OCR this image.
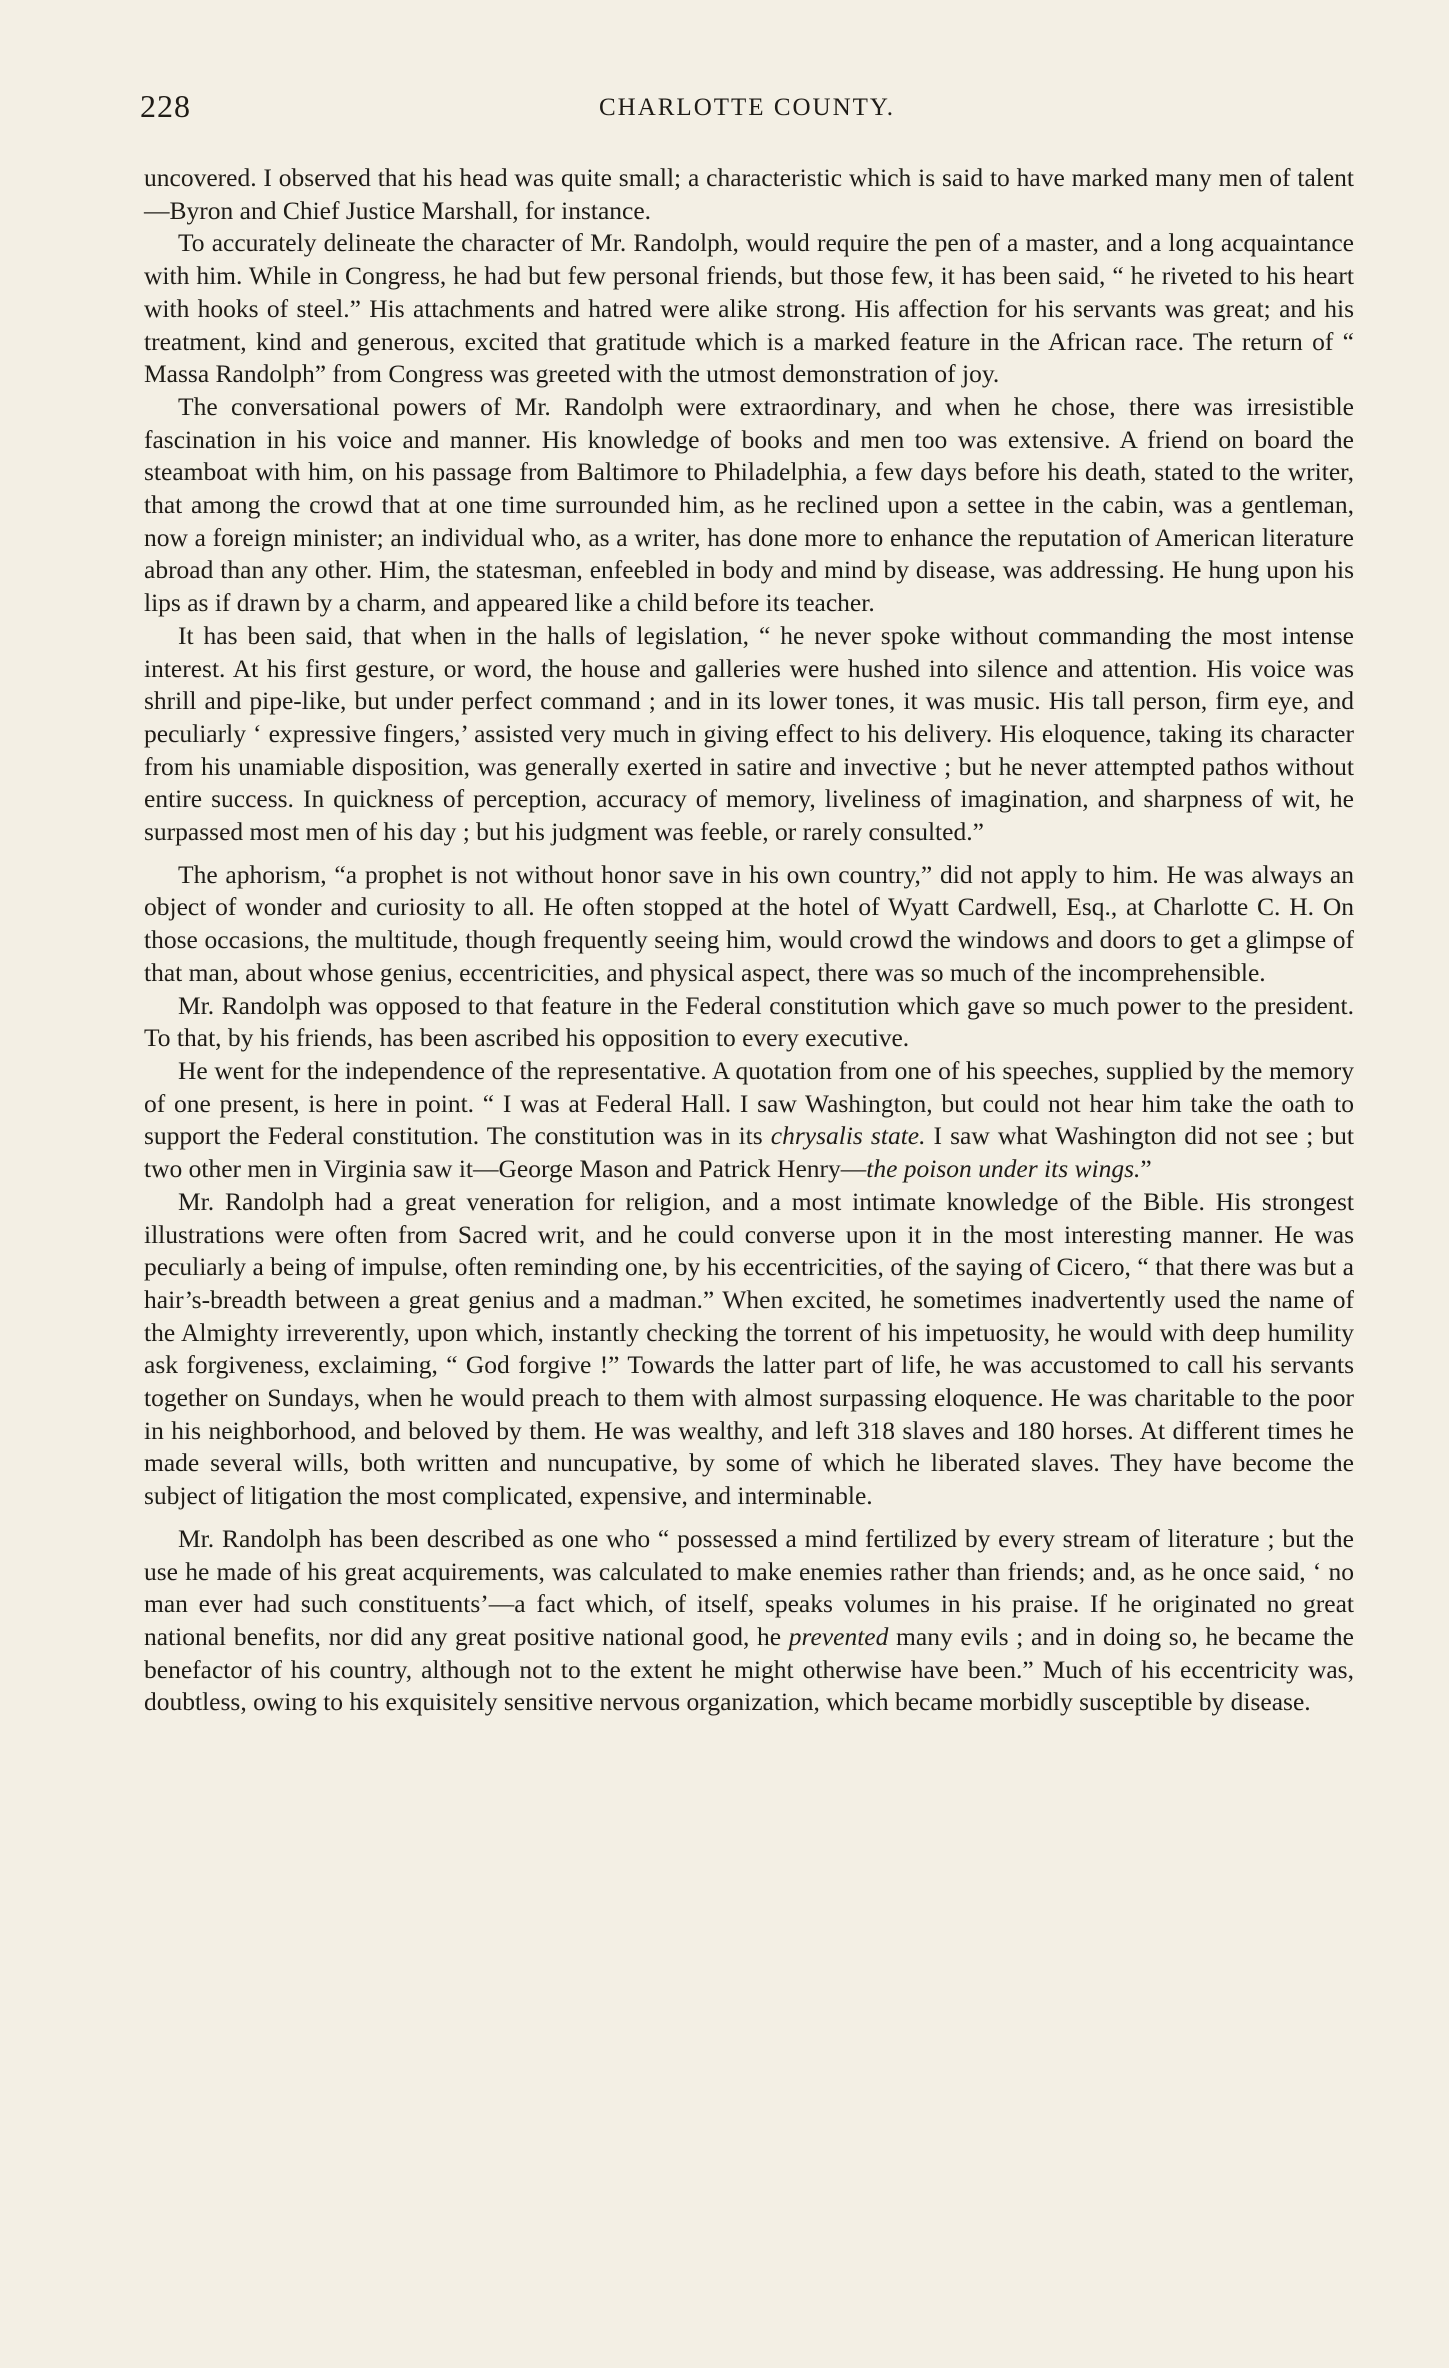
228	CHARLOTTE COUNTY.

uncovered. I observed that his head was quite small; a characteristic which is said to have marked many men of talent—Byron and Chief Justice Marshall, for instance.

To accurately delineate the character of Mr. Randolph, would require the pen of a master, and a long acquaintance with him. While in Congress, he had but few personal friends, but those few, it has been said, “ he riveted to his heart with hooks of steel.” His attachments and hatred were alike strong. His affection for his servants was great; and his treatment, kind and generous, excited that gratitude which is a marked feature in the African race. The return of “ Massa Randolph” from Congress was greeted with the utmost demonstration of joy.

The conversational powers of Mr. Randolph were extraordinary, and when he chose, there was irresistible fascination in his voice and manner. His knowledge of books and men too was extensive. A friend on board the steamboat with him, on his passage from Baltimore to Philadelphia, a few days before his death, stated to the writer, that among the crowd that at one time surrounded him, as he reclined upon a settee in the cabin, was a gentleman, now a foreign minister; an individual who, as a writer, has done more to enhance the reputation of American literature abroad than any other. Him, the statesman, enfeebled in body and mind by disease, was addressing. He hung upon his lips as if drawn by a charm, and appeared like a child before its teacher.

It has been said, that when in the halls of legislation, “ he never spoke without commanding the most intense interest. At his first gesture, or word, the house and galleries were hushed into silence and attention. His voice was shrill and pipe-like, but under perfect command ; and in its lower tones, it was music. His tall person, firm eye, and peculiarly ‘ expressive fingers,’ assisted very much in giving effect to his delivery. His eloquence, taking its character from his unamiable disposition, was generally exerted in satire and invective ; but he never attempted pathos without entire success. In quickness of perception, accuracy of memory, liveliness of imagination, and sharpness of wit, he surpassed most men of his day ; but his judgment was feeble, or rarely consulted.”

The aphorism, “a prophet is not without honor save in his own country,” did not apply to him. He was always an object of wonder and curiosity to all. He often stopped at the hotel of Wyatt Cardwell, Esq., at Charlotte C. H. On those occasions, the multitude, though frequently seeing him, would crowd the windows and doors to get a glimpse of that man, about whose genius, eccentricities, and physical aspect, there was so much of the incomprehensible.

Mr. Randolph was opposed to that feature in the Federal constitution which gave so much power to the president. To that, by his friends, has been ascribed his opposition to every executive.

He went for the independence of the representative. A quotation from one of his speeches, supplied by the memory of one present, is here in point. “ I was at Federal Hall. I saw Washington, but could not hear him take the oath to support the Federal constitution. The constitution was in its chrysalis state. I saw what Washington did not see ; but two other men in Virginia saw it—George Mason and Patrick Henry—the poison under its wings.”

Mr. Randolph had a great veneration for religion, and a most intimate knowledge of the Bible. His strongest illustrations were often from Sacred writ, and he could converse upon it in the most interesting manner. He was peculiarly a being of impulse, often reminding one, by his eccentricities, of the saying of Cicero, “ that there was but a hair’s-breadth between a great genius and a madman.” When excited, he sometimes inadvertently used the name of the Almighty irreverently, upon which, instantly checking the torrent of his impetuosity, he would with deep humility ask forgiveness, exclaiming, “ God forgive !” Towards the latter part of life, he was accustomed to call his servants together on Sundays, when he would preach to them with almost surpassing eloquence. He was charitable to the poor in his neighborhood, and beloved by them. He was wealthy, and left 318 slaves and 180 horses. At different times he made several wills, both written and nuncupative, by some of which he liberated slaves. They have become the subject of litigation the most complicated, expensive, and interminable.

Mr. Randolph has been described as one who “ possessed a mind fertilized by every stream of literature ; but the use he made of his great acquirements, was calculated to make enemies rather than friends; and, as he once said, ‘ no man ever had such constituents’—a fact which, of itself, speaks volumes in his praise. If he originated no great national benefits, nor did any great positive national good, he prevented many evils ; and in doing so, he became the benefactor of his country, although not to the extent he might otherwise have been.” Much of his eccentricity was, doubtless, owing to his exquisitely sensitive nervous organization, which became morbidly susceptible by disease.
